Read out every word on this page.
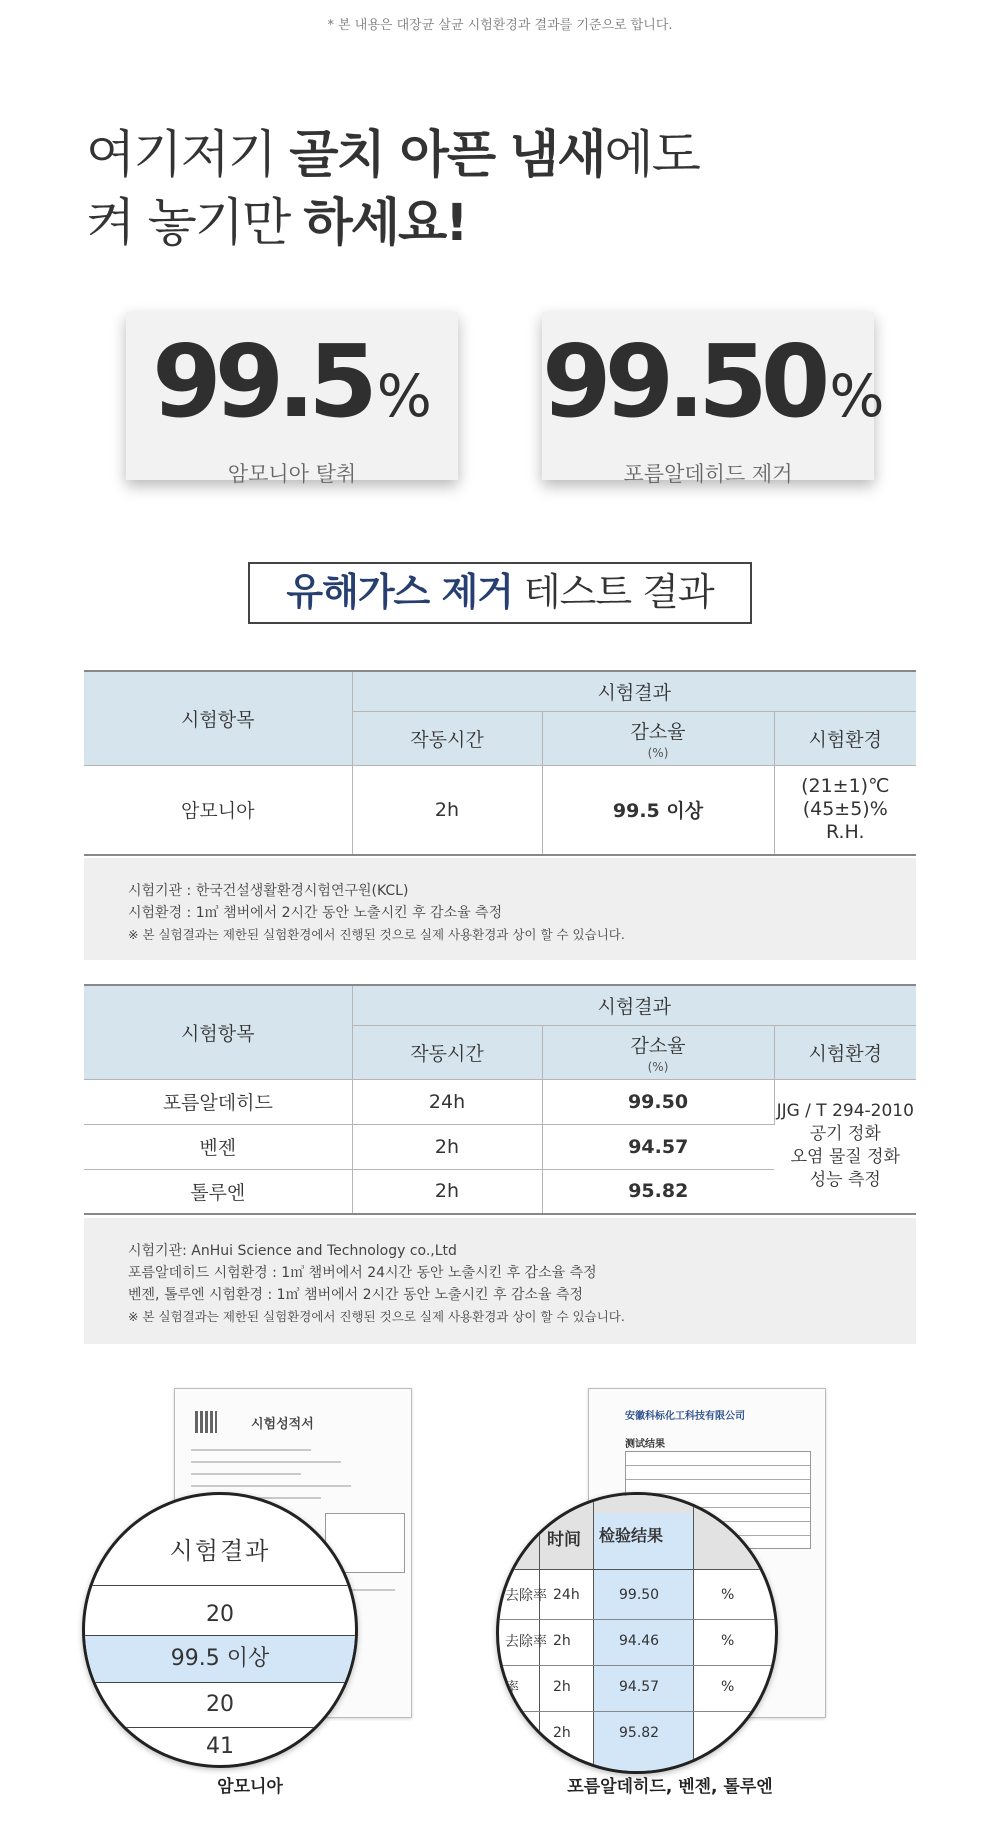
* 본 내용은 대장균 살균 시험환경과 결과를 기준으로 합니다.
여기저기 골치 아픈 냄새에도
켜 놓기만 하세요!
99.5 %
암모니아 탈취
99.50 %
포름알데히드 제거
유해가스 제거 테스트 결과
시험항목	시험결과		
	작동시간	감소율
(%)	시험환경
암모니아	2h	99.5 이상	(21±1)℃
(45±5)%
R.H.
시험기관 : 한국건설생활환경시험연구원(KCL)
시험환경 : 1㎥ 챔버에서 2시간 동안 노출시킨 후 감소율 측정
※ 본 실험결과는 제한된 실험환경에서 진행된 것으로 실제 사용환경과 상이 할 수 있습니다.
시험항목	시험결과		
	작동시간	감소율
(%)	시험환경
포름알데히드	24h	99.50	JJG / T 294-2010
공기 정화
오염 물질 정화
성능 측정
벤젠	2h	94.57	
톨루엔	2h	95.82	
시험기관: AnHui Science and Technology co.,Ltd
포름알데히드 시험환경 : 1㎥ 챔버에서 24시간 동안 노출시킨 후 감소율 측정
벤젠, 톨루엔 시험환경 : 1㎥ 챔버에서 2시간 동안 노출시킨 후 감소율 측정
※ 본 실험결과는 제한된 실험환경에서 진행된 것으로 실제 사용환경과 상이 할 수 있습니다.
시험성적서
시험결과
20
99.5 이상
20
41
암모니아
安徽科标化工科技有限公司
测试结果
时间 检验结果
去除率 24h	99.50	%
去除率 2h	94.46	%
率 2h	94.57	%
2h	95.82
포름알데히드, 벤젠, 톨루엔
